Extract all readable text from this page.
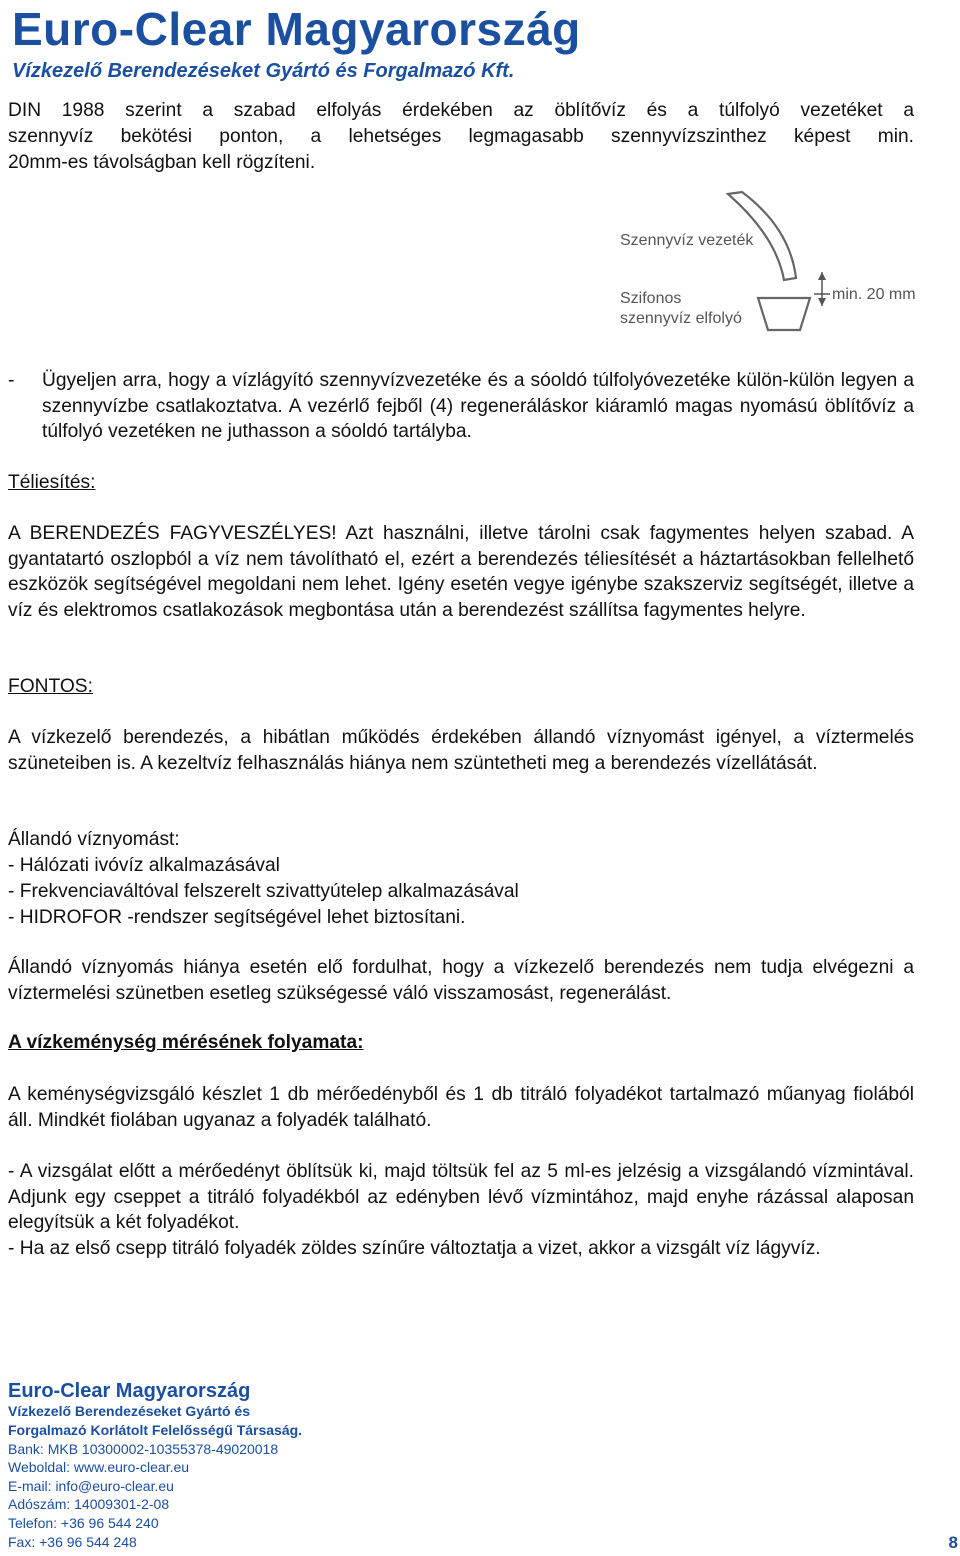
Euro-Clear Magyarország
Vízkezelő Berendezéseket Gyártó és Forgalmazó Kft.
DIN 1988 szerint a szabad elfolyás érdekében az öblítővíz és a túlfolyó vezetéket a
szennyvíz bekötési ponton, a lehetséges legmagasabb szennyvízszinthez képest min.
20mm-es távolságban kell rögzíteni.
Szennyvíz vezeték
Szifonos
szennyvíz elfolyó
min. 20 mm
- Ügyeljen arra, hogy a vízlágyító szennyvízvezetéke és a sóoldó túlfolyóvezetéke külön-külön legyen a szennyvízbe csatlakoztatva. A vezérlő fejből (4) regeneráláskor kiáramló magas nyomású öblítővíz a túlfolyó vezetéken ne juthasson a sóoldó tartályba.
Téliesítés:
A BERENDEZÉS FAGYVESZÉLYES! Azt használni, illetve tárolni csak fagymentes helyen szabad. A gyantatartó oszlopból a víz nem távolítható el, ezért a berendezés téliesítését a háztartásokban fellelhető eszközök segítségével megoldani nem lehet. Igény esetén vegye igénybe szakszerviz segítségét, illetve a víz és elektromos csatlakozások megbontása után a berendezést szállítsa fagymentes helyre.
FONTOS:
A vízkezelő berendezés, a hibátlan működés érdekében állandó víznyomást igényel, a víztermelés szüneteiben is. A kezeltvíz felhasználás hiánya nem szüntetheti meg a berendezés vízellátását.
Állandó víznyomást:
- Hálózati ivóvíz alkalmazásával
- Frekvenciaváltóval felszerelt szivattyútelep alkalmazásával
- HIDROFOR -rendszer segítségével lehet biztosítani.
Állandó víznyomás hiánya esetén elő fordulhat, hogy a vízkezelő berendezés nem tudja elvégezni a víztermelési szünetben esetleg szükségessé váló visszamosást, regenerálást.
A vízkeménység mérésének folyamata:
A keménységvizsgáló készlet 1 db mérőedényből és 1 db titráló folyadékot tartalmazó műanyag fiolából áll. Mindkét fiolában ugyanaz a folyadék található.
- A vizsgálat előtt a mérőedényt öblítsük ki, majd töltsük fel az 5 ml-es jelzésig a vizsgálandó vízmintával. Adjunk egy cseppet a titráló folyadékból az edényben lévő vízmintához, majd enyhe rázással alaposan elegyítsük a két folyadékot.
- Ha az első csepp titráló folyadék zöldes színűre változtatja a vizet, akkor a vizsgált víz lágyvíz.
Euro-Clear Magyarország
Vízkezelő Berendezéseket Gyártó és
Forgalmazó Korlátolt Felelősségű Társaság.
Bank: MKB 10300002-10355378-49020018
Weboldal: www.euro-clear.eu
E-mail: info@euro-clear.eu
Adószám: 14009301-2-08
Telefon: +36 96 544 240
Fax: +36 96 544 248	8
